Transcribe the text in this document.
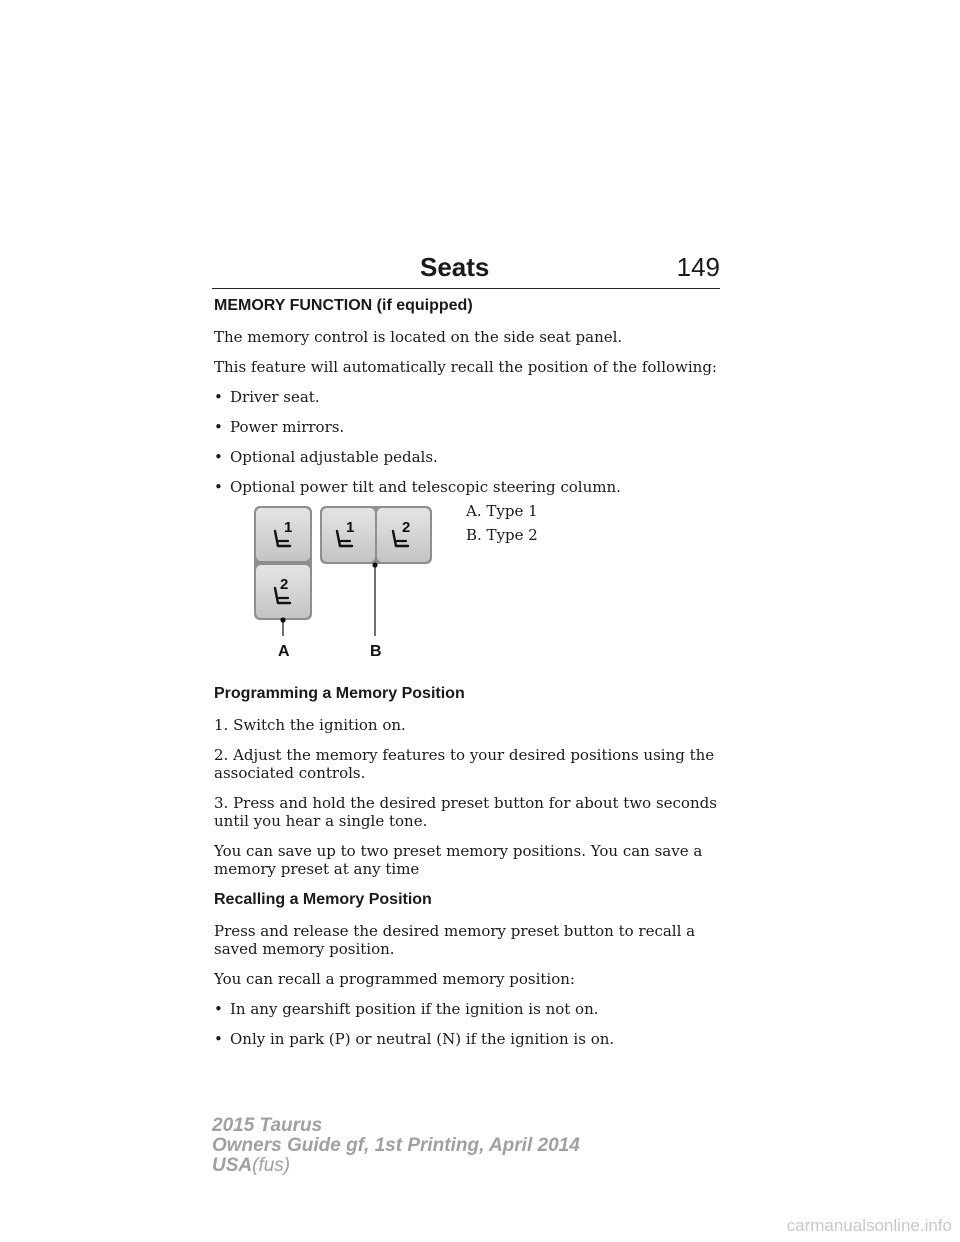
Seats	149
MEMORY FUNCTION (if equipped)
The memory control is located on the side seat panel.
This feature will automatically recall the position of the following:
• Driver seat.
• Power mirrors.
• Optional adjustable pedals.
• Optional power tilt and telescopic steering column.
1
2
1	2
A	B
A. Type 1
B. Type 2
Programming a Memory Position
1. Switch the ignition on.
2. Adjust the memory features to your desired positions using the associated controls.
3. Press and hold the desired preset button for about two seconds until you hear a single tone.
You can save up to two preset memory positions. You can save a memory preset at any time
Recalling a Memory Position
Press and release the desired memory preset button to recall a saved memory position.
You can recall a programmed memory position:
• In any gearshift position if the ignition is not on.
• Only in park (P) or neutral (N) if the ignition is on.
2015 Taurus
Owners Guide gf, 1st Printing, April 2014
USA(fus)
carmanualsonline.info
